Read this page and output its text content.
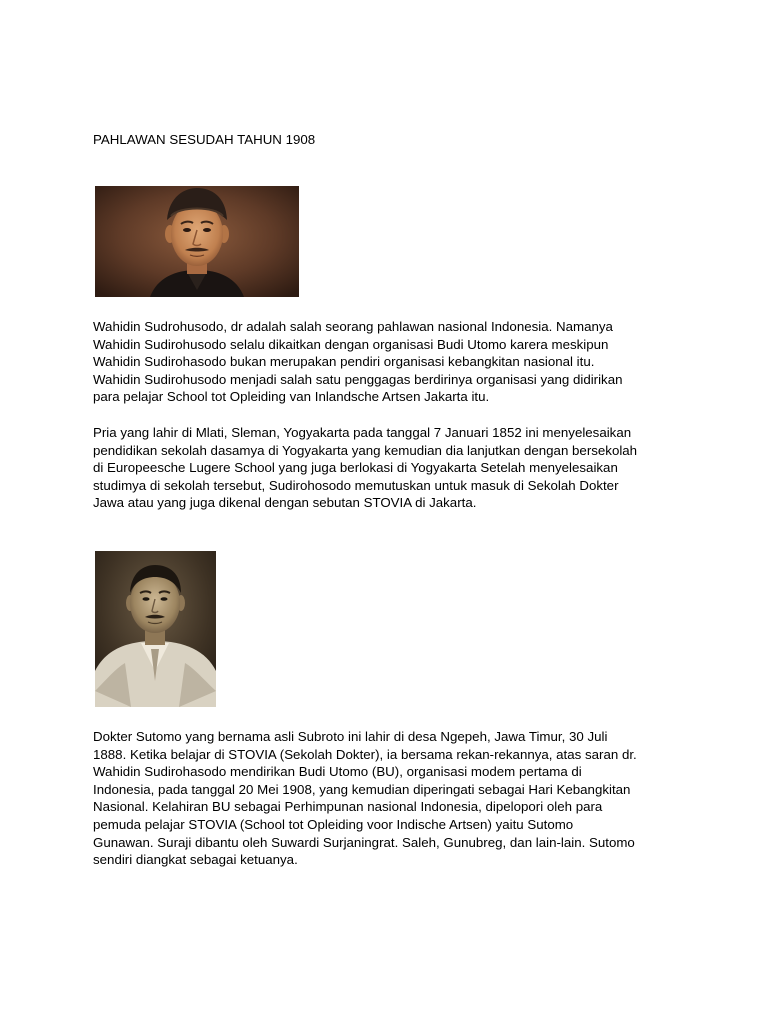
PAHLAWAN SESUDAH TAHUN 1908

Wahidin Sudrohusodo, dr adalah salah seorang pahlawan nasional Indonesia. Namanya
Wahidin Sudirohusodo selalu dikaitkan dengan organisasi Budi Utomo karera meskipun
Wahidin Sudirohasodo bukan merupakan pendiri organisasi kebangkitan nasional itu.
Wahidin Sudirohusodo menjadi salah satu penggagas berdirinya organisasi yang didirikan
para pelajar School tot Opleiding van Inlandsche Artsen Jakarta itu.

Pria yang lahir di Mlati, Sleman, Yogyakarta pada tanggal 7 Januari 1852 ini menyelesaikan
pendidikan sekolah dasamya di Yogyakarta yang kemudian dia lanjutkan dengan bersekolah
di Europeesche Lugere School yang juga berlokasi di Yogyakarta Setelah menyelesaikan
studimya di sekolah tersebut, Sudirohosodo memutuskan untuk masuk di Sekolah Dokter
Jawa atau yang juga dikenal dengan sebutan STOVIA di Jakarta.

Dokter Sutomo yang bernama asli Subroto ini lahir di desa Ngepeh, Jawa Timur, 30 Juli
1888. Ketika belajar di STOVIA (Sekolah Dokter), ia bersama rekan-rekannya, atas saran dr.
Wahidin Sudirohasodo mendirikan Budi Utomo (BU), organisasi modem pertama di
Indonesia, pada tanggal 20 Mei 1908, yang kemudian diperingati sebagai Hari Kebangkitan
Nasional. Kelahiran BU sebagai Perhimpunan nasional Indonesia, dipelopori oleh para
pemuda pelajar STOVIA (School tot Opleiding voor Indische Artsen) yaitu Sutomo
Gunawan. Suraji dibantu oleh Suwardi Surjaningrat. Saleh, Gunubreg, dan lain-lain. Sutomo
sendiri diangkat sebagai ketuanya.
